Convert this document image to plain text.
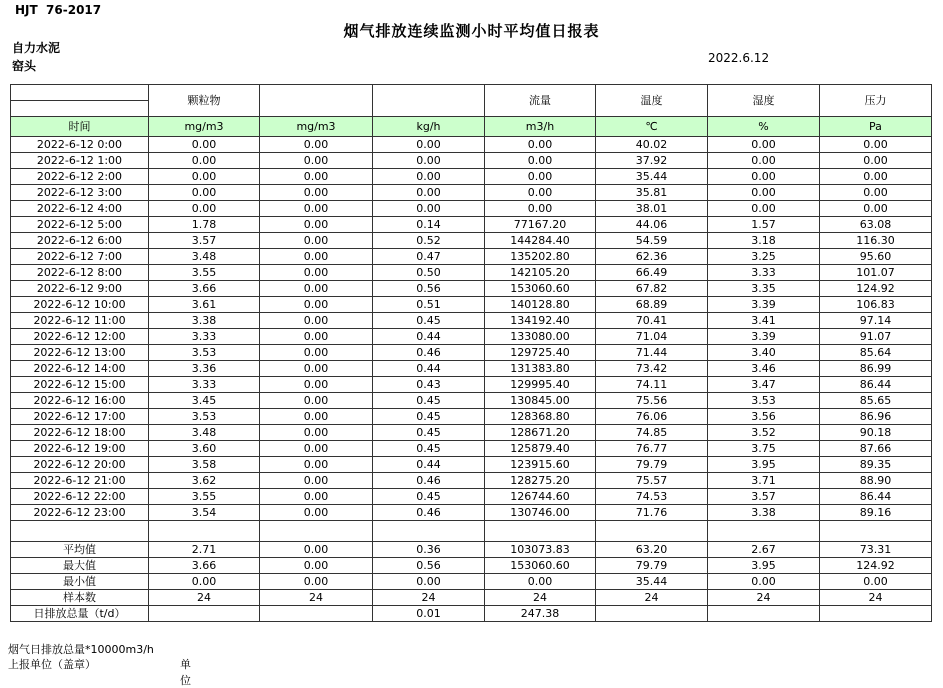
HJT  76-2017
烟气排放连续监测小时平均值日报表
自力水泥
窑头
2022.6.12
	颗粒物			流量	温度	湿度	压力

时间	mg/m3	mg/m3	kg/h	m3/h	℃	%	Pa
2022-6-12 0:00	0.00	0.00	0.00	0.00	40.02	0.00	0.00
2022-6-12 1:00	0.00	0.00	0.00	0.00	37.92	0.00	0.00
2022-6-12 2:00	0.00	0.00	0.00	0.00	35.44	0.00	0.00
2022-6-12 3:00	0.00	0.00	0.00	0.00	35.81	0.00	0.00
2022-6-12 4:00	0.00	0.00	0.00	0.00	38.01	0.00	0.00
2022-6-12 5:00	1.78	0.00	0.14	77167.20	44.06	1.57	63.08
2022-6-12 6:00	3.57	0.00	0.52	144284.40	54.59	3.18	116.30
2022-6-12 7:00	3.48	0.00	0.47	135202.80	62.36	3.25	95.60
2022-6-12 8:00	3.55	0.00	0.50	142105.20	66.49	3.33	101.07
2022-6-12 9:00	3.66	0.00	0.56	153060.60	67.82	3.35	124.92
2022-6-12 10:00	3.61	0.00	0.51	140128.80	68.89	3.39	106.83
2022-6-12 11:00	3.38	0.00	0.45	134192.40	70.41	3.41	97.14
2022-6-12 12:00	3.33	0.00	0.44	133080.00	71.04	3.39	91.07
2022-6-12 13:00	3.53	0.00	0.46	129725.40	71.44	3.40	85.64
2022-6-12 14:00	3.36	0.00	0.44	131383.80	73.42	3.46	86.99
2022-6-12 15:00	3.33	0.00	0.43	129995.40	74.11	3.47	86.44
2022-6-12 16:00	3.45	0.00	0.45	130845.00	75.56	3.53	85.65
2022-6-12 17:00	3.53	0.00	0.45	128368.80	76.06	3.56	86.96
2022-6-12 18:00	3.48	0.00	0.45	128671.20	74.85	3.52	90.18
2022-6-12 19:00	3.60	0.00	0.45	125879.40	76.77	3.75	87.66
2022-6-12 20:00	3.58	0.00	0.44	123915.60	79.79	3.95	89.35
2022-6-12 21:00	3.62	0.00	0.46	128275.20	75.57	3.71	88.90
2022-6-12 22:00	3.55	0.00	0.45	126744.60	74.53	3.57	86.44
2022-6-12 23:00	3.54	0.00	0.46	130746.00	71.76	3.38	89.16

平均值	2.71	0.00	0.36	103073.83	63.20	2.67	73.31
最大值	3.66	0.00	0.56	153060.60	79.79	3.95	124.92
最小值	0.00	0.00	0.00	0.00	35.44	0.00	0.00
样本数	24	24	24	24	24	24	24
日排放总量（t/d）			0.01	247.38			
烟气日排放总量*10000m3/h
上报单位（盖章）	单位
